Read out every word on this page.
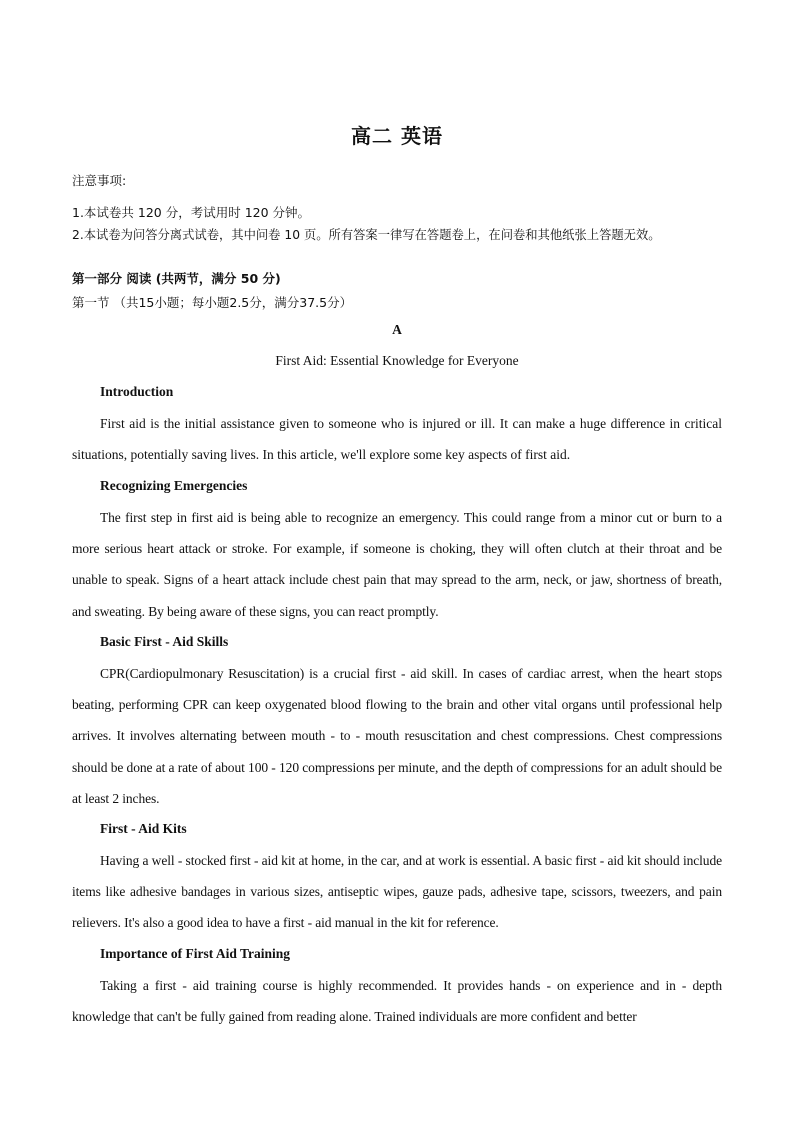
高二 英语
注意事项:
1.本试卷共 120 分，考试用时 120 分钟。
2.本试卷为问答分离式试卷，其中问卷 10 页。所有答案一律写在答题卷上，在问卷和其他纸张上答题无效。
第一部分 阅读 (共两节，满分 50 分)
第一节 （共15小题；每小题2.5分，满分37.5分）
A
First Aid: Essential Knowledge for Everyone
Introduction

First aid is the initial assistance given to someone who is injured or ill. It can make a huge difference in critical situations, potentially saving lives. In this article, we'll explore some key aspects of first aid.

Recognizing Emergencies

The first step in first aid is being able to recognize an emergency. This could range from a minor cut or burn to a more serious heart attack or stroke. For example, if someone is choking, they will often clutch at their throat and be unable to speak. Signs of a heart attack include chest pain that may spread to the arm, neck, or jaw, shortness of breath, and sweating. By being aware of these signs, you can react promptly.

Basic First - Aid Skills

CPR(Cardiopulmonary Resuscitation) is a crucial first - aid skill. In cases of cardiac arrest, when the heart stops beating, performing CPR can keep oxygenated blood flowing to the brain and other vital organs until professional help arrives. It involves alternating between mouth - to - mouth resuscitation and chest compressions. Chest compressions should be done at a rate of about 100 - 120 compressions per minute, and the depth of compressions for an adult should be at least 2 inches.

First - Aid Kits

Having a well - stocked first - aid kit at home, in the car, and at work is essential. A basic first - aid kit should include items like adhesive bandages in various sizes, antiseptic wipes, gauze pads, adhesive tape, scissors, tweezers, and pain relievers. It's also a good idea to have a first - aid manual in the kit for reference.

Importance of First Aid Training

Taking a first - aid training course is highly recommended. It provides hands - on experience and in - depth knowledge that can't be fully gained from reading alone. Trained individuals are more confident and better
